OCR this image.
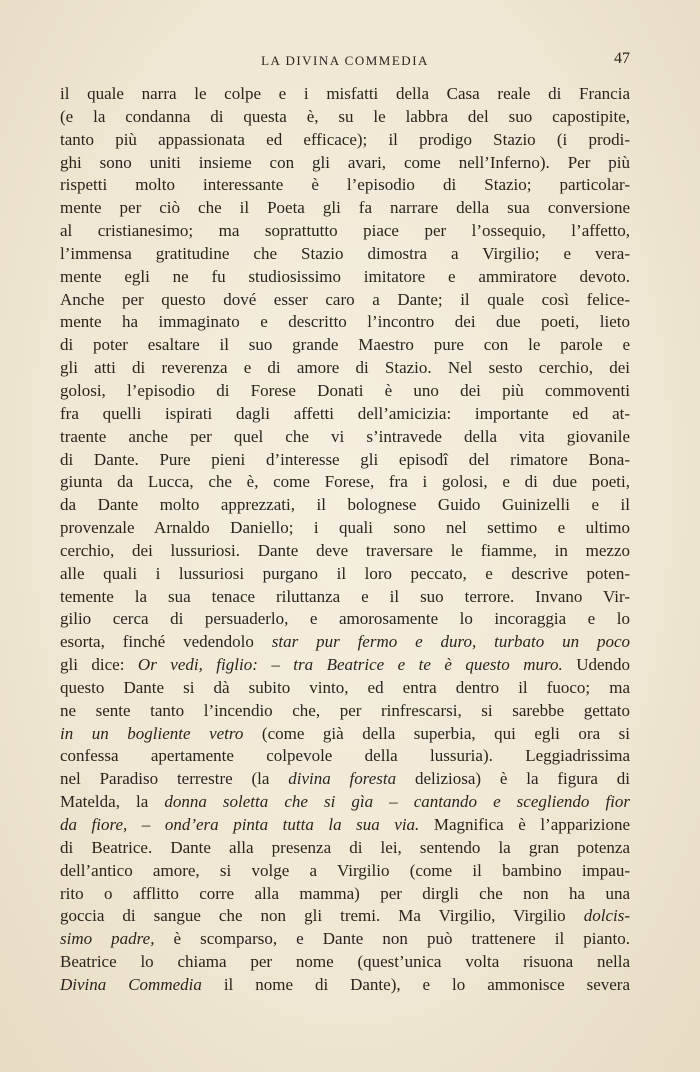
LA DIVINA COMMEDIA	47
il quale narra le colpe e i misfatti della Casa reale di Francia
(e la condanna di questa è, su le labbra del suo capostipite,
tanto più appassionata ed efficace); il prodigo Stazio (i prodi-
ghi sono uniti insieme con gli avari, come nell’Inferno). Per più
rispetti molto interessante è l’episodio di Stazio; particolar-
mente per ciò che il Poeta gli fa narrare della sua conversione
al cristianesimo; ma soprattutto piace per l’ossequio, l’affetto,
l’immensa gratitudine che Stazio dimostra a Virgilio; e vera-
mente egli ne fu studiosissimo imitatore e ammiratore devoto.
Anche per questo dové esser caro a Dante; il quale così felice-
mente ha immaginato e descritto l’incontro dei due poeti, lieto
di poter esaltare il suo grande Maestro pure con le parole e
gli atti di reverenza e di amore di Stazio. Nel sesto cerchio, dei
golosi, l’episodio di Forese Donati è uno dei più commoventi
fra quelli ispirati dagli affetti dell’amicizia: importante ed at-
traente anche per quel che vi s’intravede della vita giovanile
di Dante. Pure pieni d’interesse gli episodî del rimatore Bona-
giunta da Lucca, che è, come Forese, fra i golosi, e di due poeti,
da Dante molto apprezzati, il bolognese Guido Guinizelli e il
provenzale Arnaldo Daniello; i quali sono nel settimo e ultimo
cerchio, dei lussuriosi. Dante deve traversare le fiamme, in mezzo
alle quali i lussuriosi purgano il loro peccato, e descrive poten-
temente la sua tenace riluttanza e il suo terrore. Invano Vir-
gilio cerca di persuaderlo, e amorosamente lo incoraggia e lo
esorta, finché vedendolo star pur fermo e duro, turbato un poco
gli dice: Or vedi, figlio: – tra Beatrice e te è questo muro. Udendo
questo Dante si dà subito vinto, ed entra dentro il fuoco; ma
ne sente tanto l’incendio che, per rinfrescarsi, si sarebbe gettato
in un bogliente vetro (come già della superbia, qui egli ora si
confessa apertamente colpevole della lussuria). Leggiadrissima
nel Paradiso terrestre (la divina foresta deliziosa) è la figura di
Matelda, la donna soletta che si gìa – cantando e scegliendo fior
da fiore, – ond’era pinta tutta la sua via. Magnifica è l’apparizione
di Beatrice. Dante alla presenza di lei, sentendo la gran potenza
dell’antico amore, si volge a Virgilio (come il bambino impau-
rito o afflitto corre alla mamma) per dirgli che non ha una
goccia di sangue che non gli tremi. Ma Virgilio, Virgilio dolcis-
simo padre, è scomparso, e Dante non può trattenere il pianto.
Beatrice lo chiama per nome (quest’unica volta risuona nella
Divina Commedia il nome di Dante), e lo ammonisce severa
